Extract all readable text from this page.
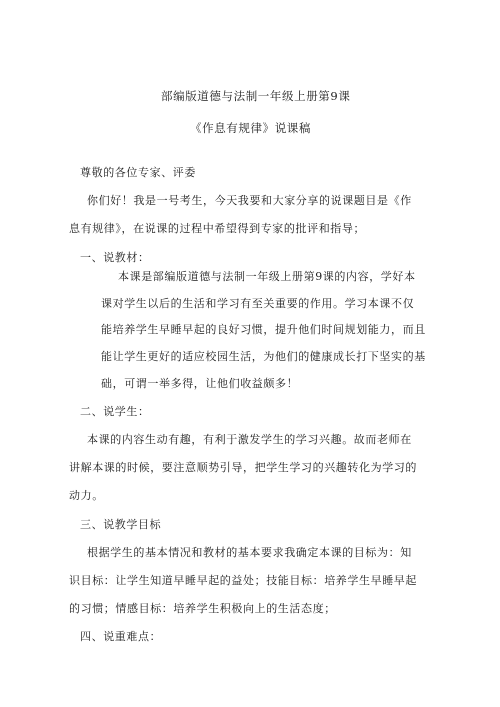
部编版道德与法制一年级上册第9课

《作息有规律》说课稿

尊敬的各位专家、评委

你们好！我是一号考生，今天我要和大家分享的说课题目是《作

息有规律》，在说课的过程中希望得到专家的批评和指导；

一、说教材：

本课是部编版道德与法制一年级上册第9课的内容，学好本

课对学生以后的生活和学习有至关重要的作用。学习本课不仅

能培养学生早睡早起的良好习惯，提升他们时间规划能力，而且

能让学生更好的适应校园生活，为他们的健康成长打下坚实的基

础，可谓一举多得，让他们收益颇多！

二、说学生：

本课的内容生动有趣，有利于激发学生的学习兴趣。故而老师在

讲解本课的时候，要注意顺势引导，把学生学习的兴趣转化为学习的

动力。

三、说教学目标

根据学生的基本情况和教材的基本要求我确定本课的目标为：知

识目标：让学生知道早睡早起的益处；技能目标：培养学生早睡早起

的习惯；情感目标：培养学生积极向上的生活态度；

四、说重难点：
